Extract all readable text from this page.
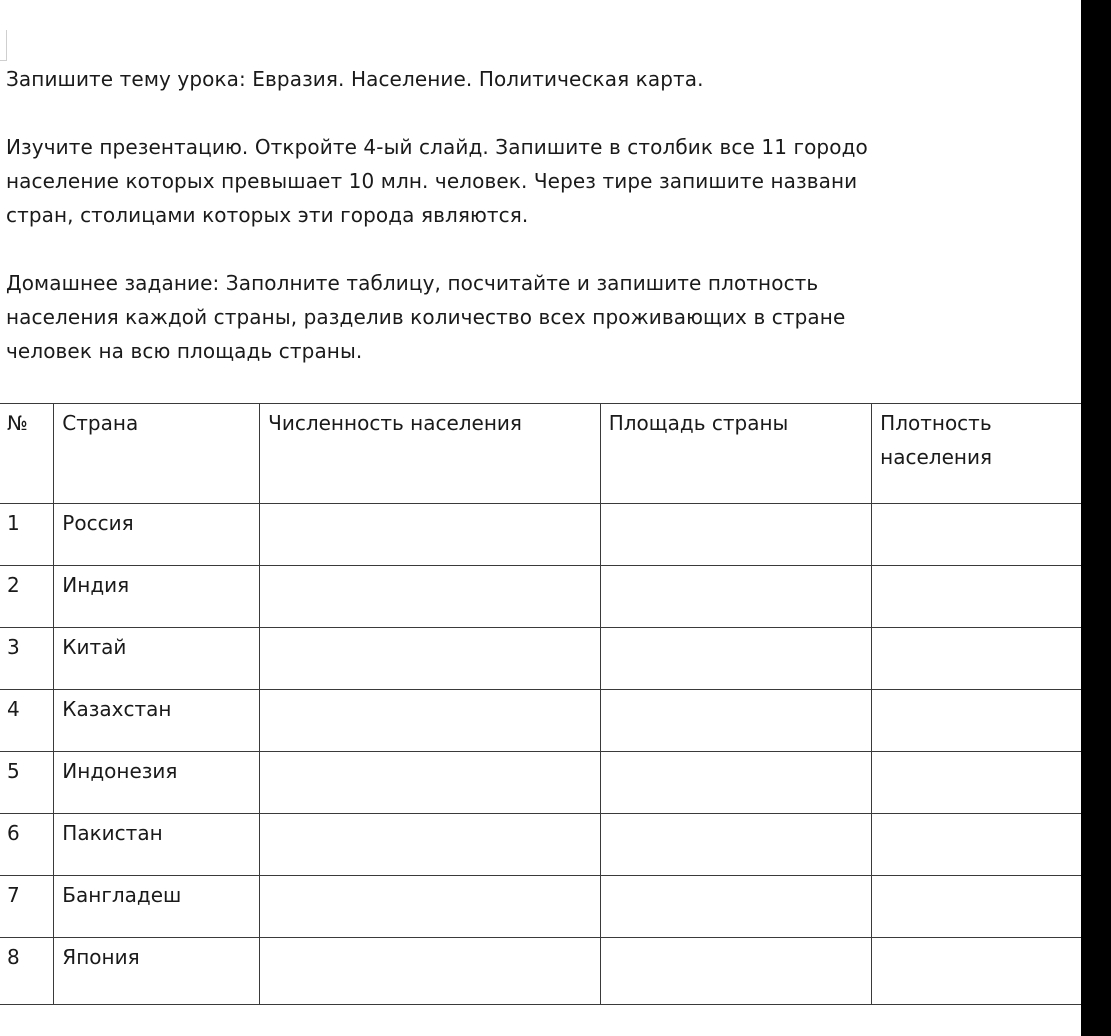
Запишите тему урока: Евразия. Население. Политическая карта.
Изучите презентацию. Откройте 4-ый слайд. Запишите в столбик все 11 городо
население которых превышает 10 млн. человек. Через тире запишите названи
стран, столицами которых эти города являются.
Домашнее задание: Заполните таблицу, посчитайте и запишите плотность
населения каждой страны, разделив количество всех проживающих в стране
человек на всю площадь страны.
№	Страна	Численность населения	Площадь страны	Плотность населения

1	Россия			

2	Индия			

3	Китай			

4	Казахстан			

5	Индонезия			

6	Пакистан			

7	Бангладеш			

8	Япония			
